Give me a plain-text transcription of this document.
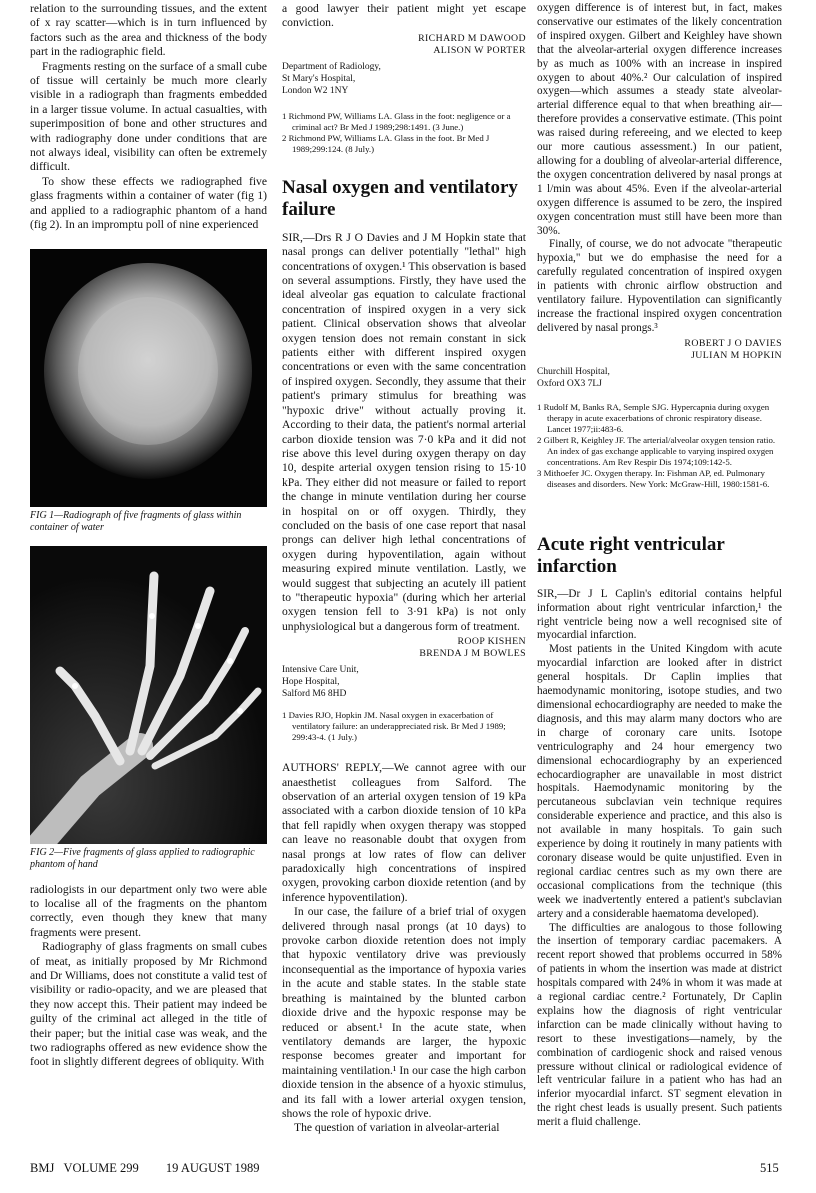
relation to the surrounding tissues, and the extent of x ray scatter—which is in turn influenced by factors such as the area and thickness of the body part in the radiographic field.

Fragments resting on the surface of a small cube of tissue will certainly be much more clearly visible in a radiograph than fragments embedded in a larger tissue volume. In actual casualties, with superimposition of bone and other structures and with radiography done under conditions that are not always ideal, visibility can often be extremely difficult.

To show these effects we radiographed five glass fragments within a container of water (fig 1) and applied to a radiographic phantom of a hand (fig 2). In an impromptu poll of nine experienced

FIG 1—Radiograph of five fragments of glass within container of water
FIG 2—Five fragments of glass applied to radiographic phantom of hand

radiologists in our department only two were able to localise all of the fragments on the phantom correctly, even though they knew that many fragments were present.

Radiography of glass fragments on small cubes of meat, as initially proposed by Mr Richmond and Dr Williams, does not constitute a valid test of visibility or radio-opacity, and we are pleased that they now accept this. Their patient may indeed be guilty of the criminal act alleged in the title of their paper; but the initial case was weak, and the two radiographs offered as new evidence show the foot in slightly different degrees of obliquity. With

a good lawyer their patient might yet escape conviction.

RICHARD M DAWOOD
ALISON W PORTER
Department of Radiology,
St Mary's Hospital,
London W2 1NY
1 Richmond PW, Williams LA. Glass in the foot: negligence or a criminal act? Br Med J 1989;298:1491. (3 June.)
2 Richmond PW, Williams LA. Glass in the foot. Br Med J 1989;299:124. (8 July.)
Nasal oxygen and ventilatory failure

SIR,—Drs R J O Davies and J M Hopkin state that nasal prongs can deliver potentially "lethal" high concentrations of oxygen.¹ This observation is based on several assumptions. Firstly, they have used the ideal alveolar gas equation to calculate fractional concentration of inspired oxygen in a very sick patient. Clinical observation shows that alveolar oxygen tension does not remain constant in sick patients either with different inspired oxygen concentrations or even with the same concentration of inspired oxygen. Secondly, they assume that their patient's primary stimulus for breathing was "hypoxic drive" without actually proving it. According to their data, the patient's normal arterial carbon dioxide tension was 7·0 kPa and it did not rise above this level during oxygen therapy on day 10, despite arterial oxygen tension rising to 15·10 kPa. They either did not measure or failed to report the change in minute ventilation during her course in hospital on or off oxygen. Thirdly, they concluded on the basis of one case report that nasal prongs can deliver high lethal concentrations of oxygen during hypoventilation, again without measuring expired minute ventilation. Lastly, we would suggest that subjecting an acutely ill patient to "therapeutic hypoxia" (during which her arterial oxygen tension fell to 3·91 kPa) is not only unphysiological but a dangerous form of treatment.

ROOP KISHEN
BRENDA J M BOWLES
Intensive Care Unit,
Hope Hospital,
Salford M6 8HD
1 Davies RJO, Hopkin JM. Nasal oxygen in exacerbation of ventilatory failure: an underappreciated risk. Br Med J 1989; 299:43-4. (1 July.)

AUTHORS' REPLY,—We cannot agree with our anaesthetist colleagues from Salford. The observation of an arterial oxygen tension of 19 kPa associated with a carbon dioxide tension of 10 kPa that fell rapidly when oxygen therapy was stopped can leave no reasonable doubt that oxygen from nasal prongs at low rates of flow can deliver paradoxically high concentrations of inspired oxygen, provoking carbon dioxide retention (and by inference hypoventilation).

In our case, the failure of a brief trial of oxygen delivered through nasal prongs (at 10 days) to provoke carbon dioxide retention does not imply that hypoxic ventilatory drive was previously inconsequential as the importance of hypoxia varies in the acute and stable states. In the stable state breathing is maintained by the blunted carbon dioxide drive and the hypoxic response may be reduced or absent.¹ In the acute state, when ventilatory demands are larger, the hypoxic response becomes greater and important for maintaining ventilation.¹ In our case the high carbon dioxide tension in the absence of a hyoxic stimulus, and its fall with a lower arterial oxygen tension, shows the role of hypoxic drive.

The question of variation in alveolar-arterial

oxygen difference is of interest but, in fact, makes conservative our estimates of the likely concentration of inspired oxygen. Gilbert and Keighley have shown that the alveolar-arterial oxygen difference increases by as much as 100% with an increase in inspired oxygen to about 40%.² Our calculation of inspired oxygen—which assumes a steady state alveolar-arterial difference equal to that when breathing air—therefore provides a conservative estimate. (This point was raised during refereeing, and we elected to keep our more cautious assessment.) In our patient, allowing for a doubling of alveolar-arterial difference, the oxygen concentration delivered by nasal prongs at 1 l/min was about 45%. Even if the alveolar-arterial oxygen difference is assumed to be zero, the inspired oxygen concentration must still have been more than 30%.

Finally, of course, we do not advocate "therapeutic hypoxia," but we do emphasise the need for a carefully regulated concentration of inspired oxygen in patients with chronic airflow obstruction and ventilatory failure. Hypoventilation can significantly increase the fractional inspired oxygen concentration delivered by nasal prongs.³

ROBERT J O DAVIES
JULIAN M HOPKIN
Churchill Hospital,
Oxford OX3 7LJ
1 Rudolf M, Banks RA, Semple SJG. Hypercapnia during oxygen therapy in acute exacerbations of chronic respiratory disease. Lancet 1977;ii:483-6.
2 Gilbert R, Keighley JF. The arterial/alveolar oxygen tension ratio. An index of gas exchange applicable to varying inspired oxygen concentrations. Am Rev Respir Dis 1974;109:142-5.
3 Mithoefer JC. Oxygen therapy. In: Fishman AP, ed. Pulmonary diseases and disorders. New York: McGraw-Hill, 1980:1581-6.
Acute right ventricular infarction

SIR,—Dr J L Caplin's editorial contains helpful information about right ventricular infarction,¹ the right ventricle being now a well recognised site of myocardial infarction.

Most patients in the United Kingdom with acute myocardial infarction are looked after in district general hospitals. Dr Caplin implies that haemodynamic monitoring, isotope studies, and two dimensional echocardiography are needed to make the diagnosis, and this may alarm many doctors who are in charge of coronary care units. Isotope ventriculography and 24 hour emergency two dimensional echocardiography by an experienced echocardiographer are unavailable in most district hospitals. Haemodynamic monitoring by the percutaneous subclavian vein technique requires considerable experience and practice, and this also is not available in many hospitals. To gain such experience by doing it routinely in many patients with coronary disease would be quite unjustified. Even in regional cardiac centres such as my own there are occasional complications from the technique (this week we inadvertently entered a patient's subclavian artery and a considerable haematoma developed).

The difficulties are analogous to those following the insertion of temporary cardiac pacemakers. A recent report showed that problems occurred in 58% of patients in whom the insertion was made at district hospitals compared with 24% in whom it was made at a regional cardiac centre.² Fortunately, Dr Caplin explains how the diagnosis of right ventricular infarction can be made clinically without having to resort to these investigations—namely, by the combination of cardiogenic shock and raised venous pressure without clinical or radiological evidence of left ventricular failure in a patient who has had an inferior myocardial infarct. ST segment elevation in the right chest leads is usually present. Such patients merit a fluid challenge.

BMJ VOLUME 299 19 AUGUST 1989	515
